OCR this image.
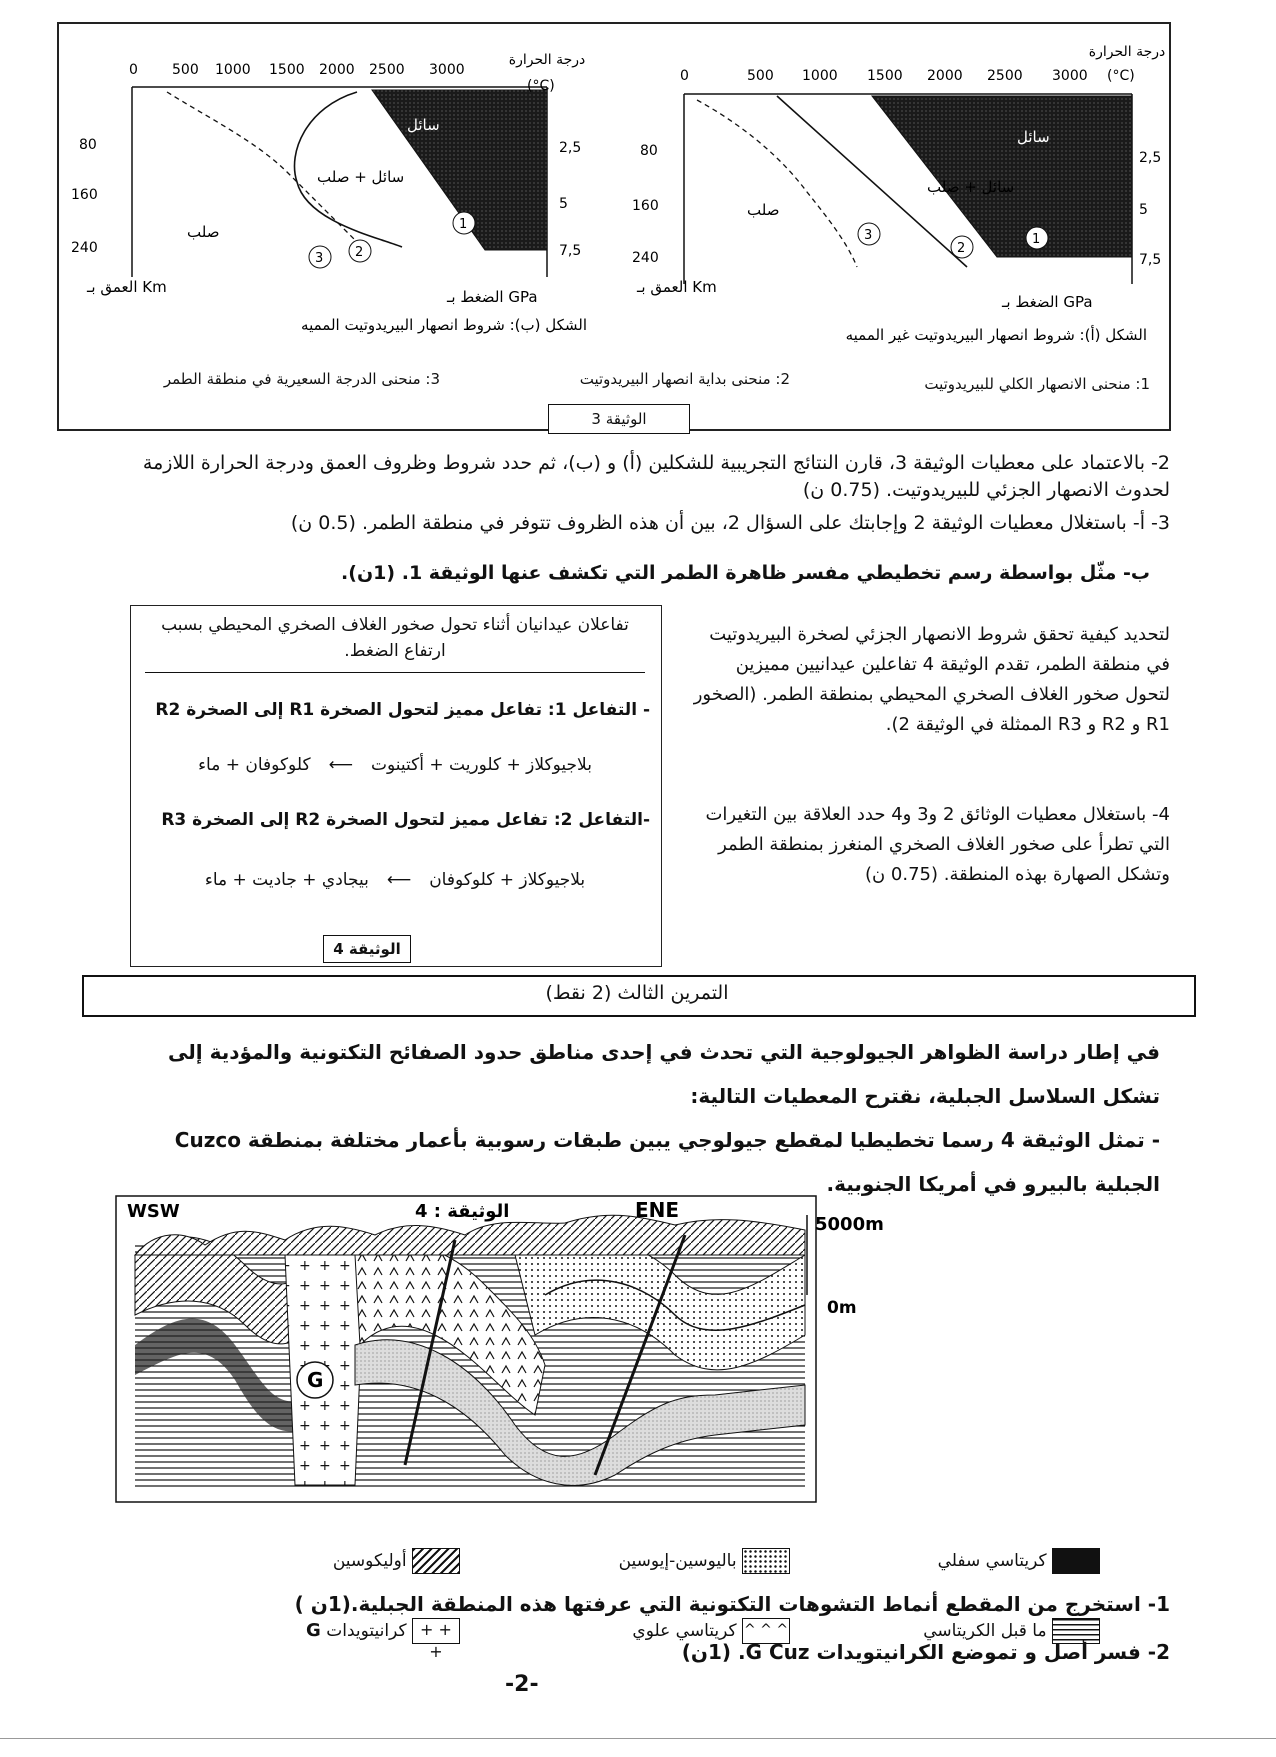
0 500 1000 1500 2000 2500 3000
درجة الحرارة
(°C)
80
160
240
2,5
5
7,5
العمق بـ Km
الضغط بـ GPa
سائل
سائل + صلب
صلب	1
2
3
الشكل (ب): شروط انصهار البيريدوتيت المميه
0	500 1000 1500 2000 2500 3000
درجة الحرارة
(°C)
80
160
240
2,5
5
7,5
العمق بـ Km
الضغط بـ GPa
سائل
سائل + صلب
صلب
1
2
3
الشكل (أ): شروط انصهار البيريدوتيت غير المميه
3: منحنى الدرجة السعيرية في منطقة الطمر	2: منحنى بداية انصهار البيريدوتيت	1: منحنى الانصهار الكلي للبيريدوتيت
الوثيقة 3
2- بالاعتماد على معطيات الوثيقة 3، قارن النتائج التجريبية للشكلين (أ) و (ب)، ثم حدد شروط وظروف العمق ودرجة الحرارة اللازمة لحدوث الانصهار الجزئي للبيريدوتيت. (0.75 ن)
3- أ- باستغلال معطيات الوثيقة 2 وإجابتك على السؤال 2، بين أن هذه الظروف تتوفر في منطقة الطمر. (0.5 ن)
ب- مثّل بواسطة رسم تخطيطي مفسر ظاهرة الطمر التي تكشف عنها الوثيقة 1. (1ن).
تفاعلان عيدانيان أثناء تحول صخور الغلاف الصخري المحيطي بسبب ارتفاع الضغط.
- التفاعل 1: تفاعل مميز لتحول الصخرة R1 إلى الصخرة R2
بلاجيوكلاز + كلوريت + أكتينوت
⟵
كلوكوفان + ماء
-التفاعل 2: تفاعل مميز لتحول الصخرة R2 إلى الصخرة R3
بلاجيوكلاز + كلوكوفان
⟵
بيجادي + جاديت + ماء
الوثيقة 4
لتحديد كيفية تحقق شروط الانصهار الجزئي لصخرة البيريدوتيت في منطقة الطمر، تقدم الوثيقة 4 تفاعلين عيدانيين مميزين لتحول صخور الغلاف الصخري المحيطي بمنطقة الطمر. (الصخور R1 و R2 و R3 الممثلة في الوثيقة 2).
4- باستغلال معطيات الوثائق 2 و3 و4 حدد العلاقة بين التغيرات التي تطرأ على صخور الغلاف الصخري المنغرز بمنطقة الطمر وتشكل الصهارة بهذه المنطقة. (0.75 ن)
التمرين الثالث (2 نقط)
في إطار دراسة الظواهر الجيولوجية التي تحدث في إحدى مناطق حدود الصفائح التكتونية والمؤدية إلى تشكل السلاسل الجبلية، نقترح المعطيات التالية:
- تمثل الوثيقة 4 رسما تخطيطيا لمقطع جيولوجي يبين طبقات رسوبية بأعمار مختلفة بمنطقة Cuzco الجبلية بالبيرو في أمريكا الجنوبية.
G
WSW	ENE
الوثيقة : 4
5000m
0m
أوليكوسين	باليوسين-إيوسين	كريتاسي سفلي
+ + + كرانيتويدات G	^ ^ ^ كريتاسي علوي	ما قبل الكريتاسي
1- استخرج من المقطع أنماط التشوهات التكتونية التي عرفتها هذه المنطقة الجبلية.(1ن )
2- فسر أصل و تموضع الكرانيتويدات G Cuz. (1ن)
-2-
